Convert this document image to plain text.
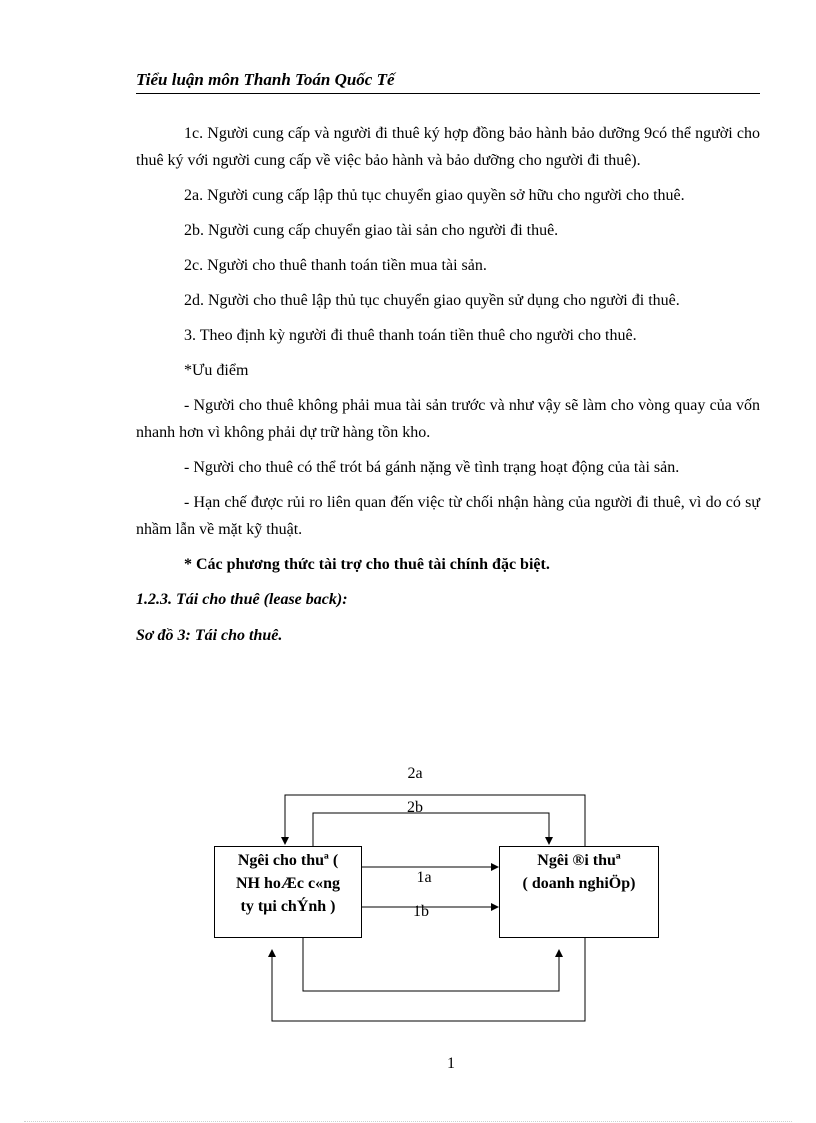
Tiểu luận môn Thanh Toán Quốc Tế

1c. Người cung cấp và người đi thuê ký hợp đồng bảo hành bảo dưỡng 9có thể người cho thuê ký với người cung cấp về việc bảo hành và bảo dưỡng cho người đi thuê).

2a. Người cung cấp lập thủ tục chuyển giao quyền sở hữu cho người cho thuê.

2b. Người cung cấp chuyển giao tài sản cho người đi thuê.

2c. Người cho thuê thanh toán tiền mua tài sản.

2d. Người cho thuê lập thủ tục chuyển giao quyền sử dụng cho người đi thuê.

3. Theo định kỳ người đi thuê thanh toán tiền thuê cho người cho thuê.

*Ưu điểm

- Người cho thuê không phải mua tài sản trước và như vậy sẽ làm cho vòng quay của vốn nhanh hơn vì không phải dự trữ hàng tồn kho.

- Người cho thuê có thể trót bá gánh nặng về tình trạng hoạt động của tài sản.

- Hạn chế được rủi ro liên quan đến việc từ chối nhận hàng của người đi thuê, vì do có sự nhầm lẫn về mặt kỹ thuật.

* Các phương thức tài trợ cho thuê tài chính đặc biệt.

1.2.3. Tái cho thuê (lease back):

Sơ đồ 3: Tái cho thuê.

Ngêi cho thuª (
NH hoÆc c«ng
ty tµi chÝnh )
Ngêi ®i thuª
( doanh nghiÖp)
2a
2b
1a
1b
1
